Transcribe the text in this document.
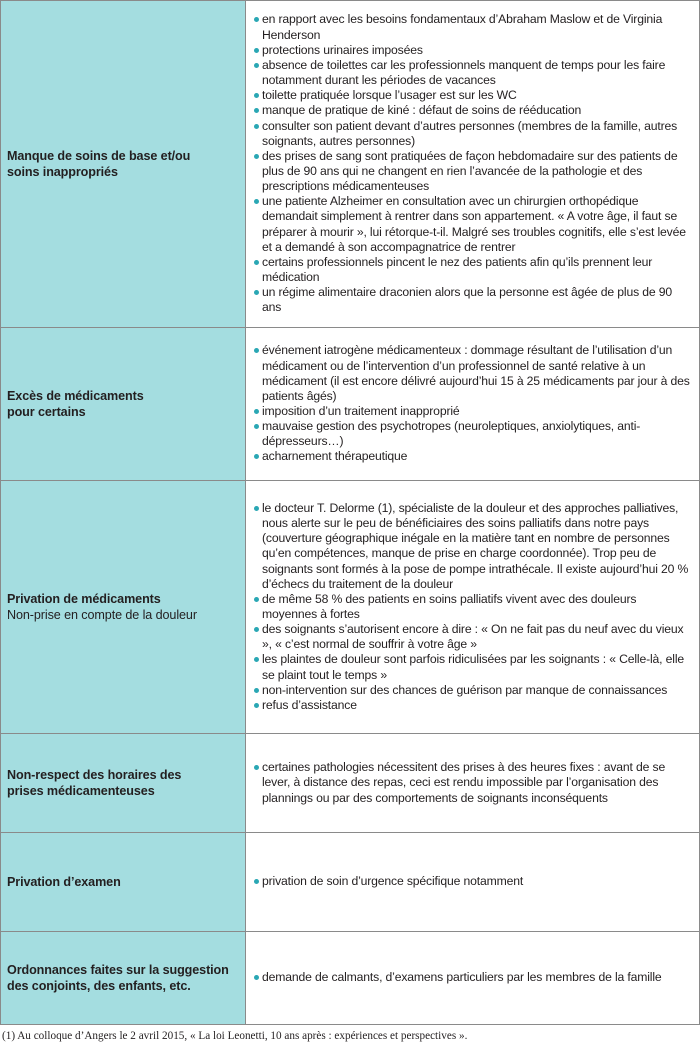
Manque de soins de base et/ou soins inappropriés
en rapport avec les besoins fondamentaux d’Abraham Maslow et de Virginia Henderson
protections urinaires imposées
absence de toilettes car les professionnels manquent de temps pour les faire notamment durant les périodes de vacances
toilette pratiquée lorsque l’usager est sur les WC
manque de pratique de kiné : défaut de soins de rééducation
consulter son patient devant d’autres personnes (membres de la famille, autres soignants, autres personnes)
des prises de sang sont pratiquées de façon hebdomadaire sur des patients de plus de 90 ans qui ne changent en rien l’avancée de la pathologie et des prescriptions médicamenteuses
une patiente Alzheimer en consultation avec un chirurgien orthopédique demandait simplement à rentrer dans son appartement. « A votre âge, il faut se préparer à mourir », lui rétorque-t-il. Malgré ses troubles cognitifs, elle s’est levée et a demandé à son accompagnatrice de rentrer
certains professionnels pincent le nez des patients afin qu’ils prennent leur médication
un régime alimentaire draconien alors que la personne est âgée de plus de 90 ans
Excès de médicaments pour certains
événement iatrogène médicamenteux : dommage résultant de l’utilisation d’un médicament ou de l’intervention d’un professionnel de santé relative à un médicament (il est encore délivré aujourd’hui 15 à 25 médicaments par jour à des patients âgés)
imposition d’un traitement inapproprié
mauvaise gestion des psychotropes (neuroleptiques, anxiolytiques, anti-dépresseurs…)
acharnement thérapeutique
Privation de médicaments
Non-prise en compte de la douleur
le docteur T. Delorme (1), spécialiste de la douleur et des approches palliatives, nous alerte sur le peu de bénéficiaires des soins palliatifs dans notre pays (couverture géographique inégale en la matière tant en nombre de personnes qu’en compétences, manque de prise en charge coordonnée). Trop peu de soignants sont formés à la pose de pompe intrathécale. Il existe aujourd’hui 20 % d’échecs du traitement de la douleur
de même 58 % des patients en soins palliatifs vivent avec des douleurs moyennes à fortes
des soignants s’autorisent encore à dire : « On ne fait pas du neuf avec du vieux », « c’est normal de souffrir à votre âge »
les plaintes de douleur sont parfois ridiculisées par les soignants : « Celle-là, elle se plaint tout le temps »
non-intervention sur des chances de guérison par manque de connaissances
refus d’assistance
Non-respect des horaires des prises médicamenteuses
certaines pathologies nécessitent des prises à des heures fixes : avant de se lever, à distance des repas, ceci est rendu impossible par l’organisation des plannings ou par des comportements de soignants inconséquents
Privation d’examen	privation de soin d’urgence spécifique notamment
Ordonnances faites sur la suggestion des conjoints, des enfants, etc.
demande de calmants, d’examens particuliers par les membres de la famille
(1) Au colloque d’Angers le 2 avril 2015, « La loi Leonetti, 10 ans après : expériences et perspectives ».
